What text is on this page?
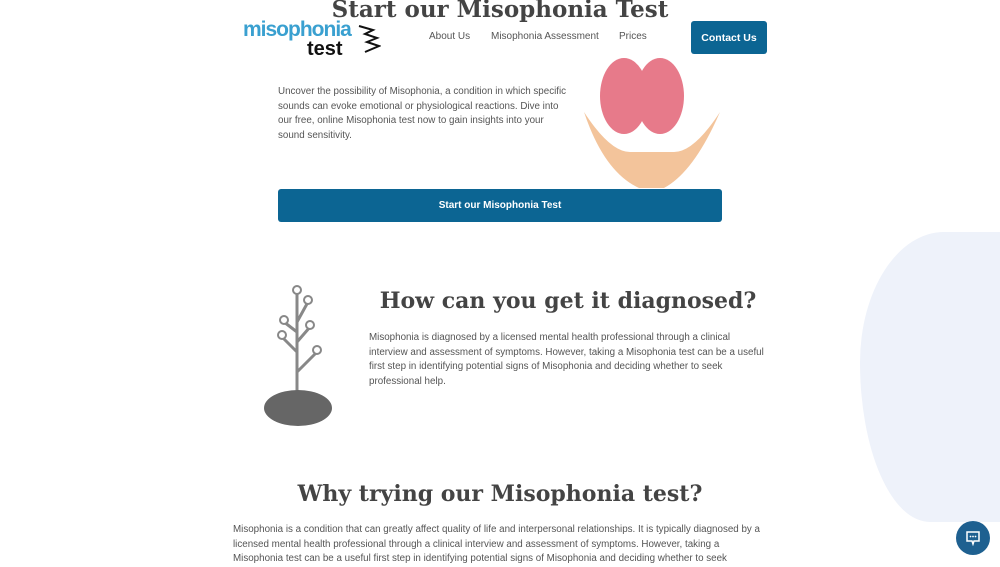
Start our Misophonia Test
misophonia
test
About Us Misophonia Assessment Prices	Contact Us

Uncover the possibility of Misophonia, a condition in which specific sounds can evoke emotional or physiological reactions. Dive into our free, online Misophonia test now to gain insights into your sound sensitivity.

Start our Misophonia Test
How can you get it diagnosed?

Misophonia is diagnosed by a licensed mental health professional through a clinical interview and assessment of symptoms. However, taking a Misophonia test can be a useful first step in identifying potential signs of Misophonia and deciding whether to seek professional help.

Why trying our Misophonia test?

Misophonia is a condition that can greatly affect quality of life and interpersonal relationships. It is typically diagnosed by a licensed mental health professional through a clinical interview and assessment of symptoms. However, taking a Misophonia test can be a useful first step in identifying potential signs of Misophonia and deciding whether to seek
